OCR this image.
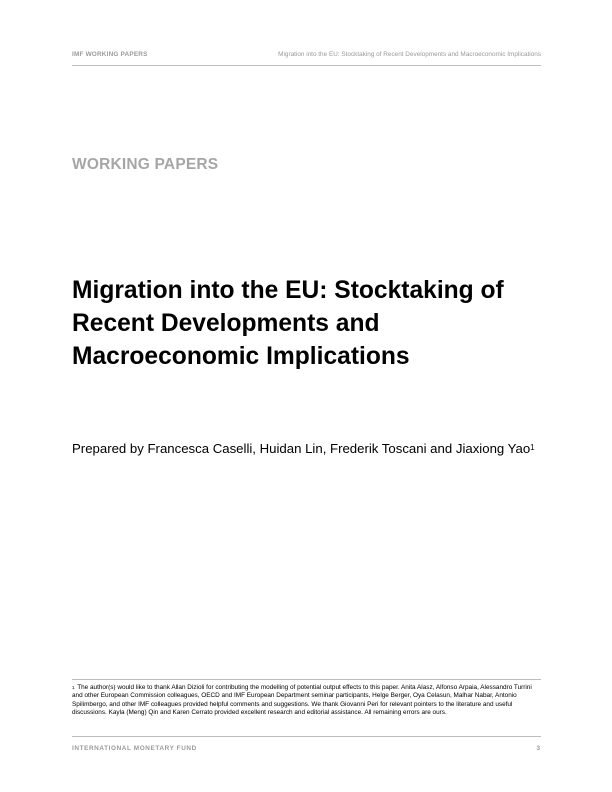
IMF WORKING PAPERS	Migration into the EU: Stocktaking of Recent Developments and Macroeconomic Implications
WORKING PAPERS
Migration into the EU: Stocktaking of Recent Developments and Macroeconomic Implications
Prepared by Francesca Caselli, Huidan Lin, Frederik Toscani and Jiaxiong Yao$^1$
$^1$ The author(s) would like to thank Allan Dizioli for contributing the modelling of potential output effects to this paper. Anita Alasz, Alfonso Arpaia, Alessandro Turrini and other European Commission colleagues, OECD and IMF European Department seminar participants, Helge Berger, Oya Celasun, Malhar Nabar, Antonio Spilimbergo, and other IMF colleagues provided helpful comments and suggestions. We thank Giovanni Peri for relevant pointers to the literature and useful discussions. Kayla (Meng) Qin and Karen Cerrato provided excellent research and editorial assistance. All remaining errors are ours.
INTERNATIONAL MONETARY FUND	3
